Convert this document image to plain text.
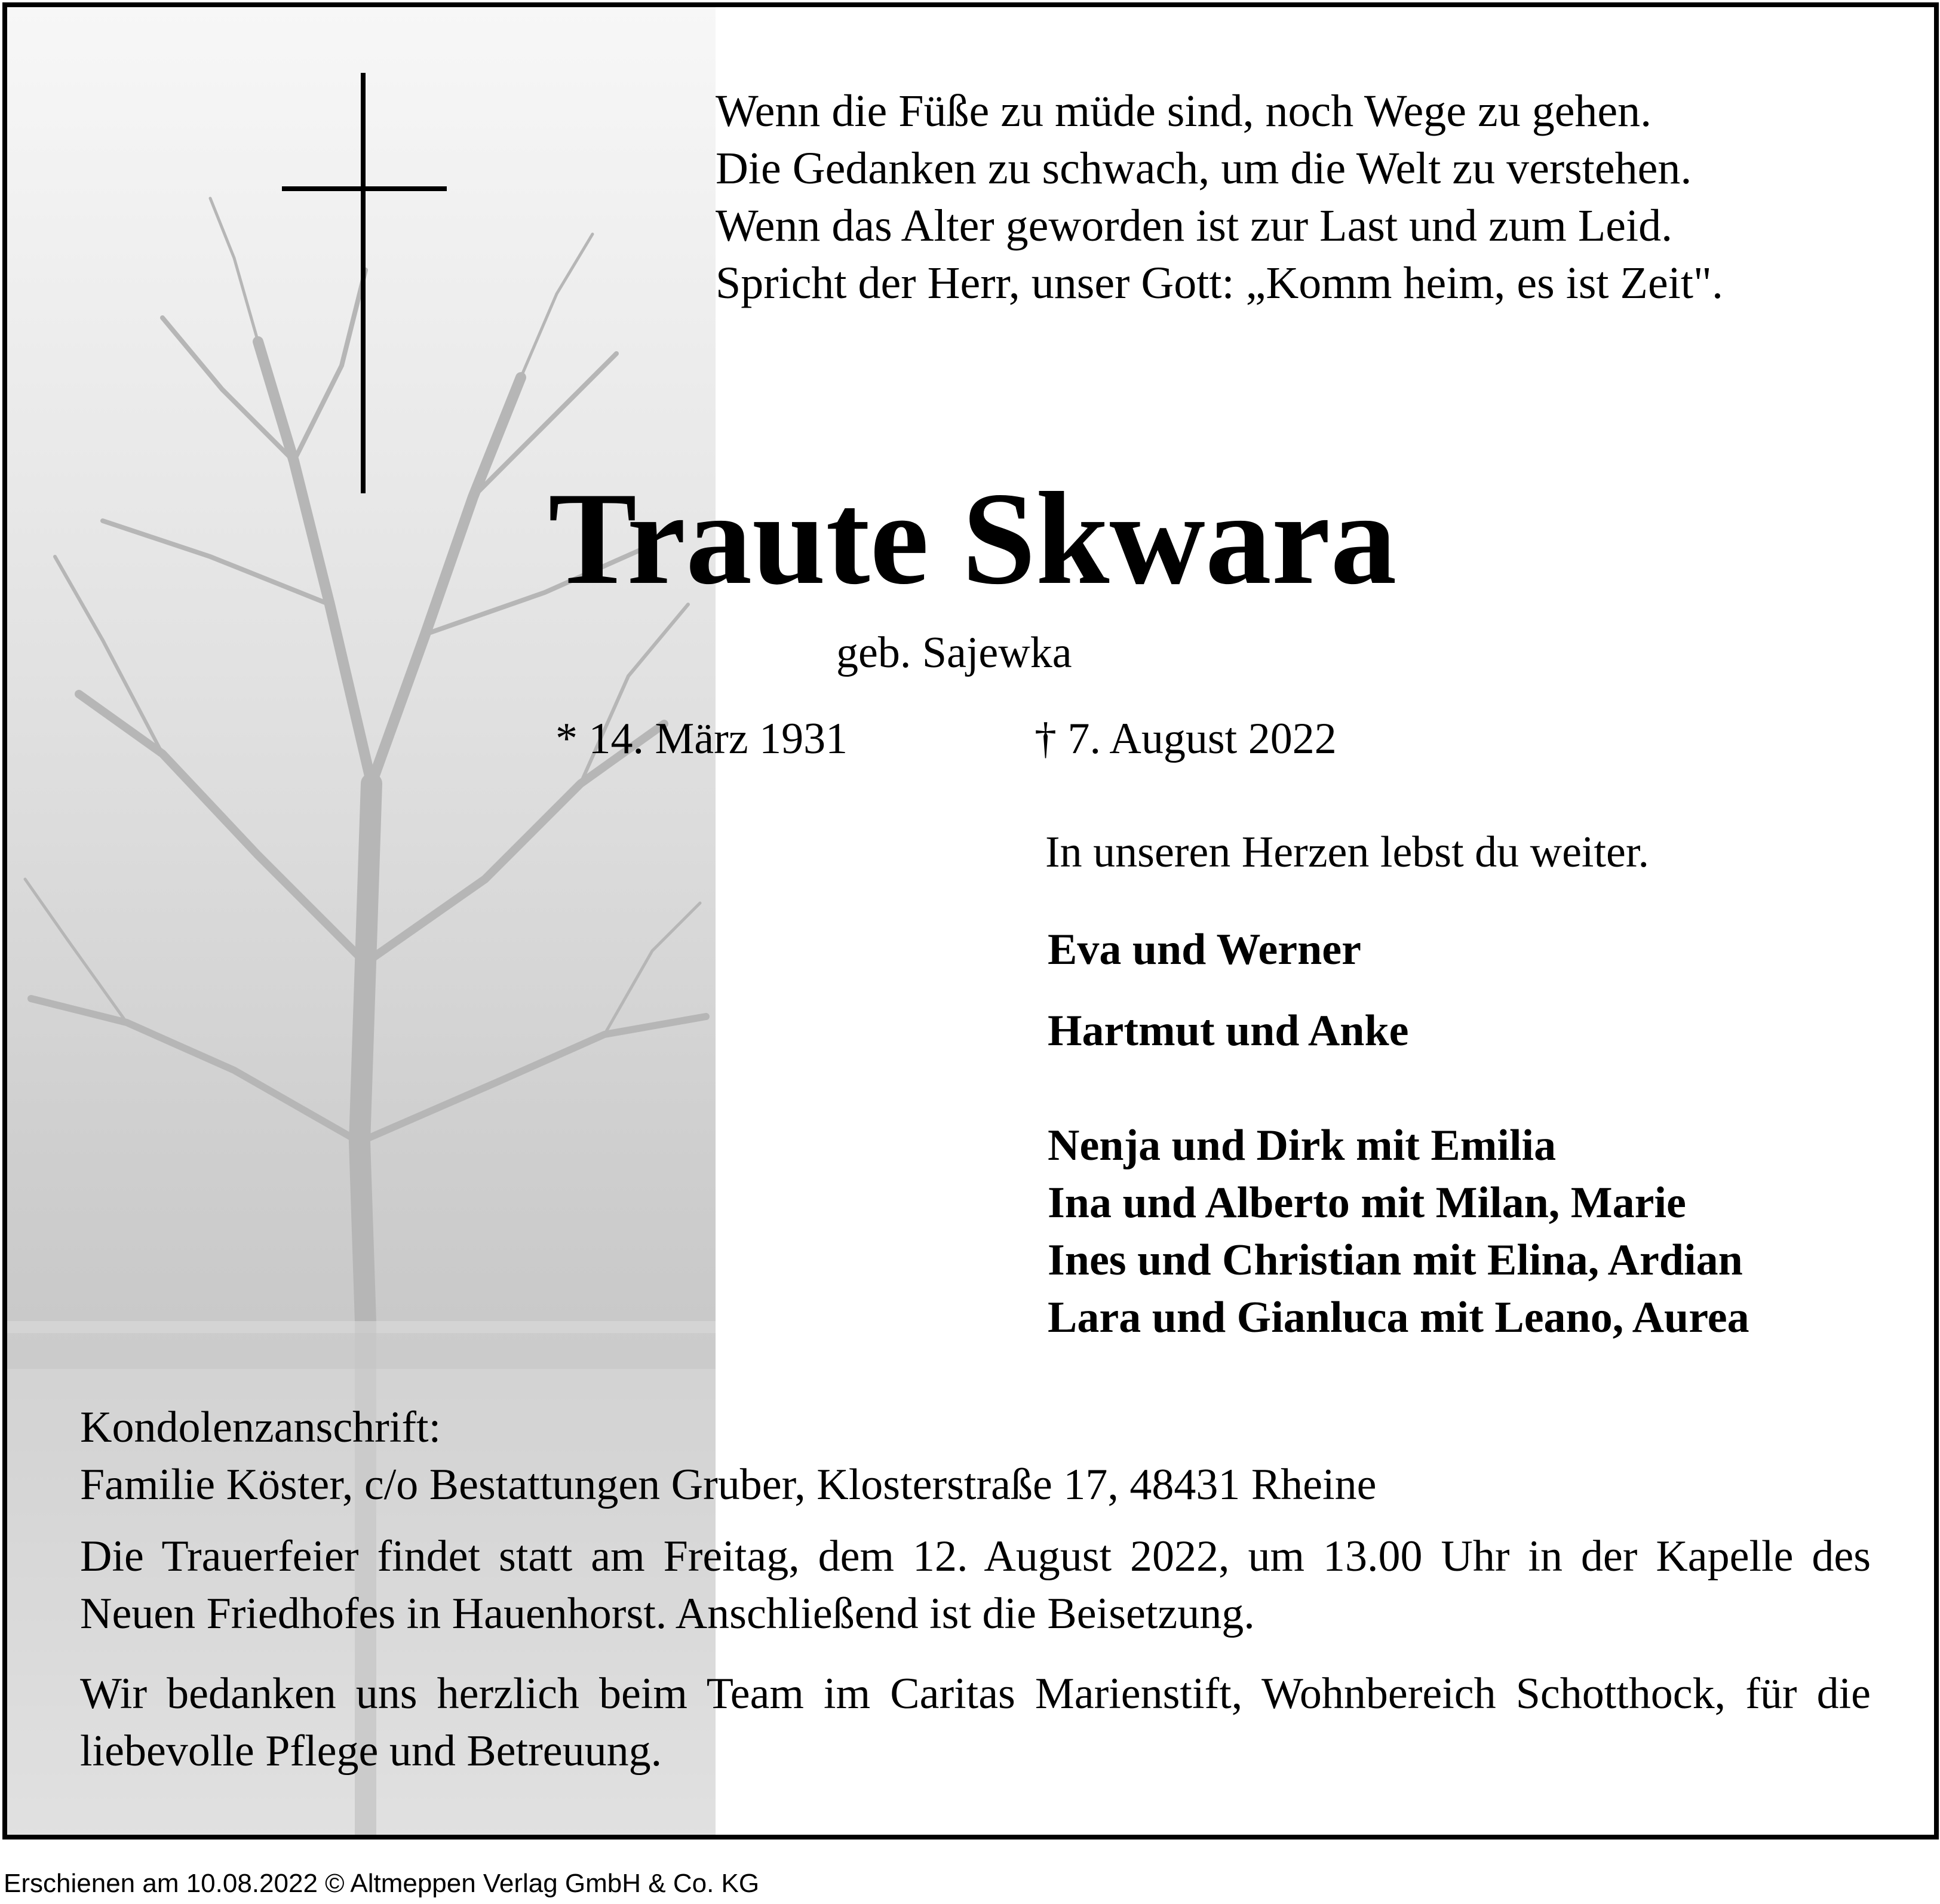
Wenn die Füße zu müde sind, noch Wege zu gehen.
Die Gedanken zu schwach, um die Welt zu verstehen.
Wenn das Alter geworden ist zur Last und zum Leid.
Spricht der Herr, unser Gott: „Komm heim, es ist Zeit".
Traute Skwara
geb. Sajewka
* 14. März 1931	† 7. August 2022
In unseren Herzen lebst du weiter.
Eva und Werner
Hartmut und Anke
Nenja und Dirk mit Emilia
Ina und Alberto mit Milan, Marie
Ines und Christian mit Elina, Ardian
Lara und Gianluca mit Leano, Aurea
Kondolenzanschrift:
Familie Köster, c/o Bestattungen Gruber, Klosterstraße 17, 48431 Rheine
Die Trauerfeier findet statt am Freitag, dem 12. August 2022, um 13.00 Uhr in der Kapelle des Neuen Friedhofes in Hauenhorst. Anschließend ist die Beisetzung.
Wir bedanken uns herzlich beim Team im Caritas Marienstift, Wohnbereich Schotthock, für die liebevolle Pflege und Betreuung.
Erschienen am 10.08.2022 © Altmeppen Verlag GmbH & Co. KG
